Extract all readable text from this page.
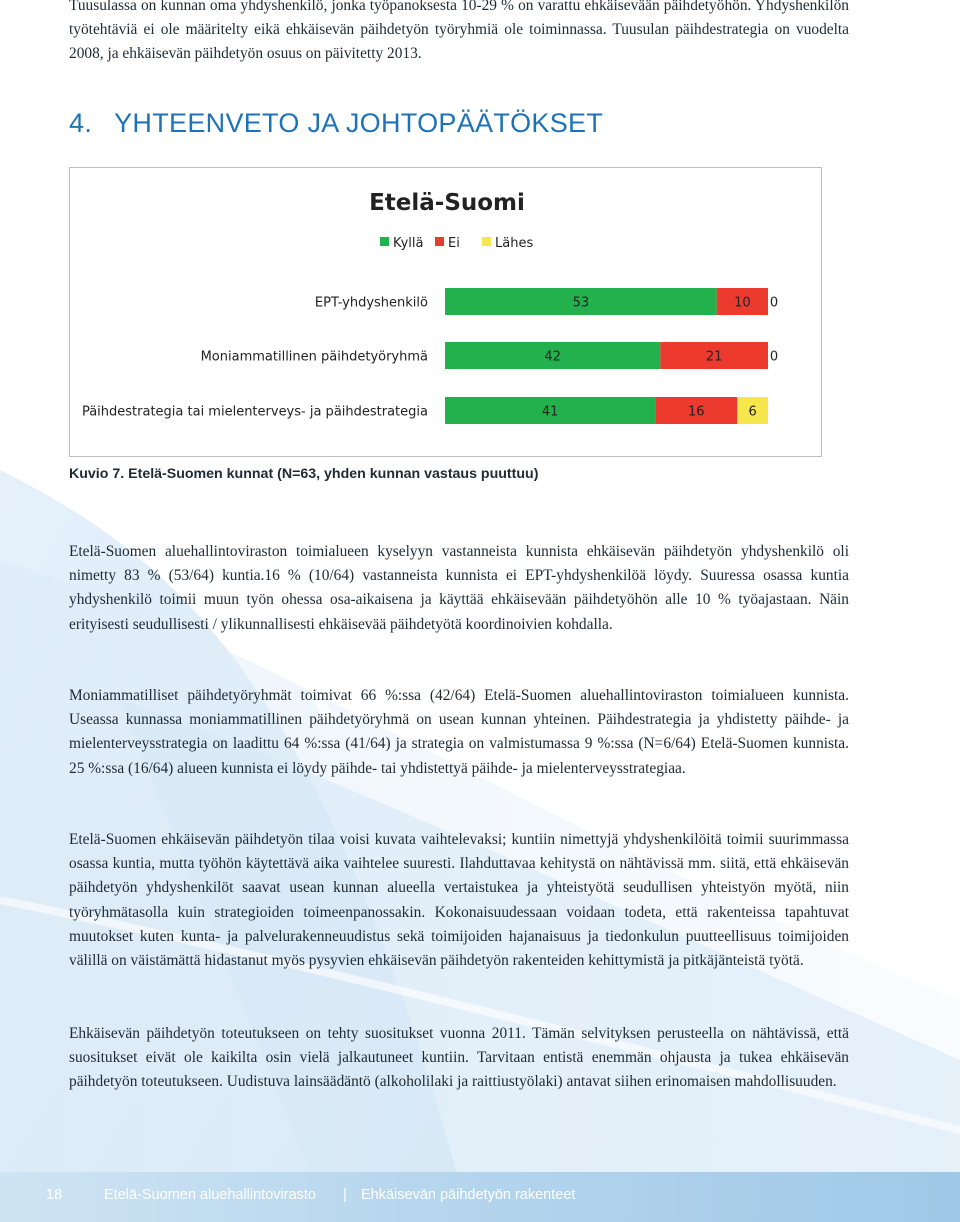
Tuusulassa on kunnan oma yhdyshenkilö, jonka työpanoksesta 10-29 % on varattu ehkäisevään päihdetyöhön. Yhdyshenkilön työtehtäviä ei ole määritelty eikä ehkäisevän päihdetyön työryhmiä ole toiminnassa. Tuusulan päihdestrategia on vuodelta 2008, ja ehkäisevän päihdetyön osuus on päivitetty 2013.

4. YHTEENVETO JA JOHTOPÄÄTÖKSET
Etelä-Suomi
Kyllä Ei	Lähes
EPT-yhdyshenkilö	53	10 0
Moniammatillinen päihdetyöryhmä	42	21	0
Päihdestrategia tai mielenterveys- ja päihdestrategia	41	16	6

Kuvio 7. Etelä-Suomen kunnat (N=63, yhden kunnan vastaus puuttuu)

Etelä-Suomen aluehallintoviraston toimialueen kyselyyn vastanneista kunnista ehkäisevän päihdetyön yhdyshenkilö oli nimetty 83 % (53/64) kuntia.16 % (10/64) vastanneista kunnista ei EPT-yhdyshenkilöä löydy. Suuressa osassa kuntia yhdyshenkilö toimii muun työn ohessa osa-aikaisena ja käyttää ehkäisevään päihdetyöhön alle 10 % työajastaan. Näin erityisesti seudullisesti / ylikunnallisesti ehkäisevää päihdetyötä koordinoivien kohdalla.

Moniammatilliset päihdetyöryhmät toimivat 66 %:ssa (42/64) Etelä-Suomen aluehallintoviraston toimialueen kunnista. Useassa kunnassa moniammatillinen päihdetyöryhmä on usean kunnan yhteinen. Päihdestrategia ja yhdistetty päihde- ja mielenterveysstrategia on laadittu 64 %:ssa (41/64) ja strategia on valmistumassa 9 %:ssa (N=6/64) Etelä-Suomen kunnista. 25 %:ssa (16/64) alueen kunnista ei löydy päihde- tai yhdistettyä päihde- ja mielenterveysstrategiaa.

Etelä-Suomen ehkäisevän päihdetyön tilaa voisi kuvata vaihtelevaksi; kuntiin nimettyjä yhdyshenkilöitä toimii suurimmassa osassa kuntia, mutta työhön käytettävä aika vaihtelee suuresti. Ilahduttavaa kehitystä on nähtävissä mm. siitä, että ehkäisevän päihdetyön yhdyshenkilöt saavat usean kunnan alueella vertaistukea ja yhteistyötä seudullisen yhteistyön myötä, niin työryhmätasolla kuin strategioiden toimeenpanossakin. Kokonaisuudessaan voidaan todeta, että rakenteissa tapahtuvat muutokset kuten kunta- ja palvelurakenneuudistus sekä toimijoiden hajanaisuus ja tiedonkulun puutteellisuus toimijoiden välillä on väistämättä hidastanut myös pysyvien ehkäisevän päihdetyön rakenteiden kehittymistä ja pitkäjänteistä työtä.

Ehkäisevän päihdetyön toteutukseen on tehty suositukset vuonna 2011. Tämän selvityksen perusteella on nähtävissä, että suositukset eivät ole kaikilta osin vielä jalkautuneet kuntiin. Tarvitaan entistä enemmän ohjausta ja tukea ehkäisevän päihdetyön toteutukseen. Uudistuva lainsäädäntö (alkoholilaki ja raittiustyölaki) antavat siihen erinomaisen mahdollisuuden.

18	Etelä-Suomen aluehallintovirasto | Ehkäisevän päihdetyön rakenteet
